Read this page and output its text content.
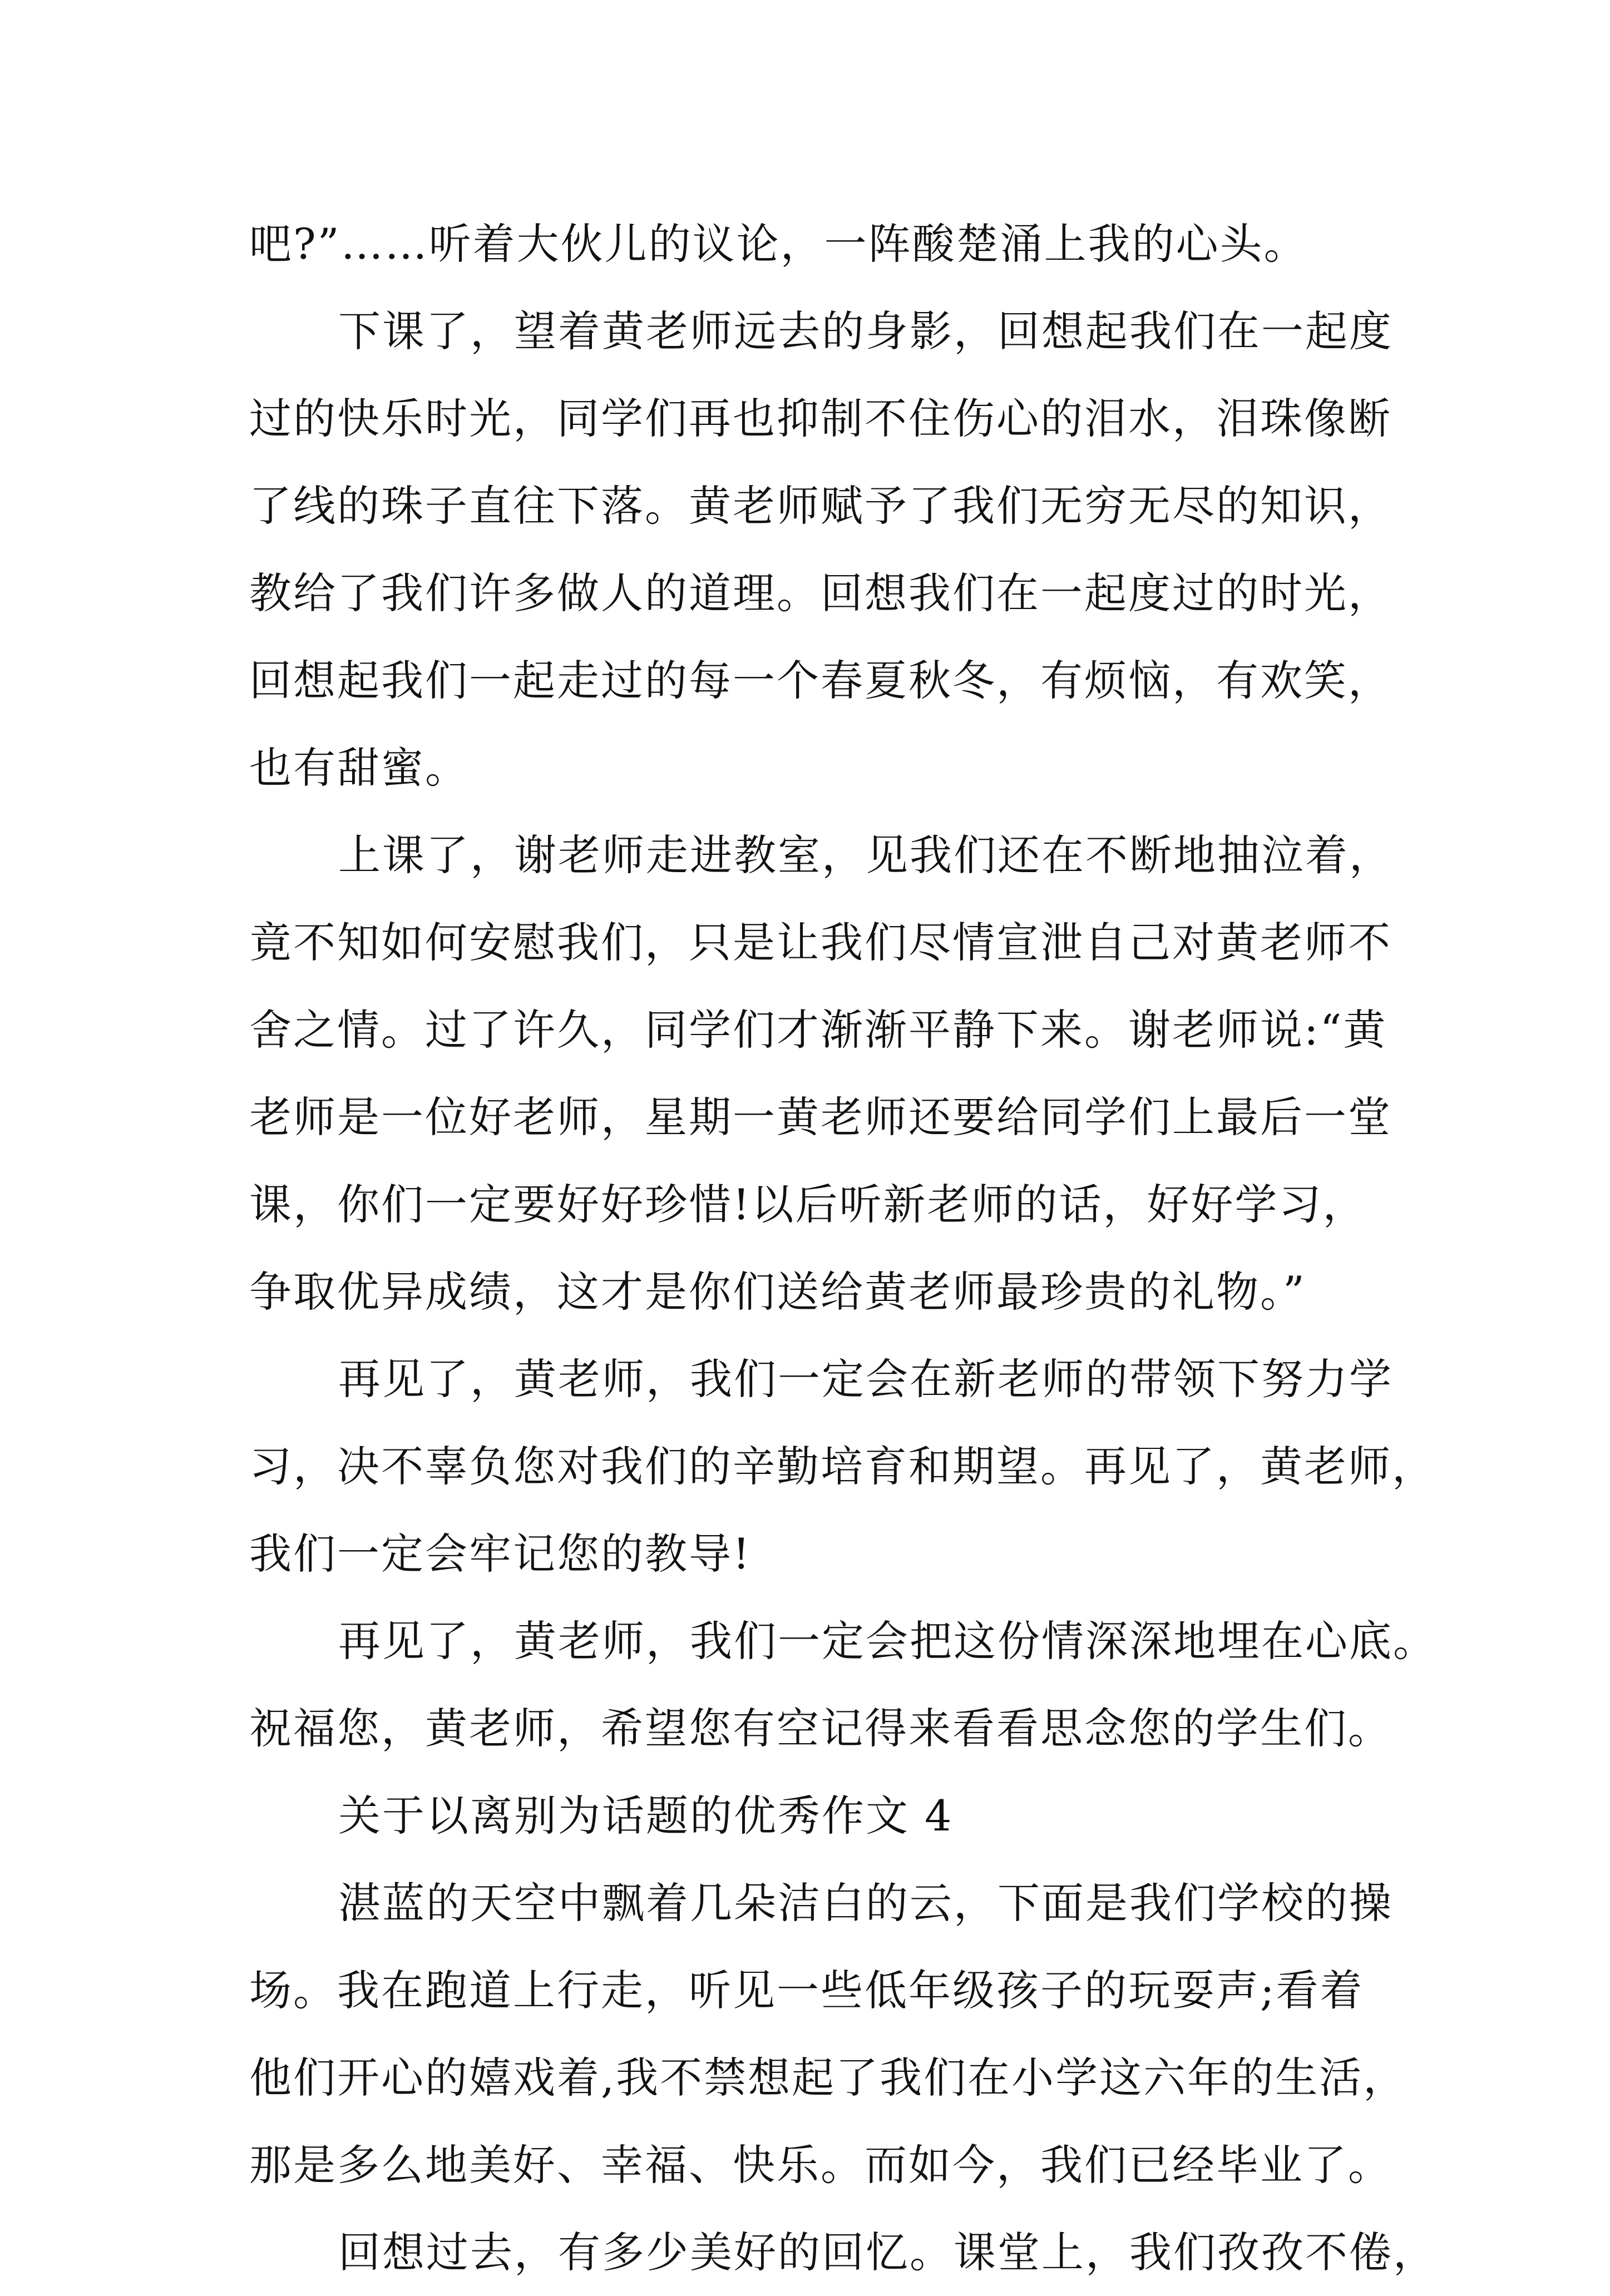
吧?”……听着大伙儿的议论，一阵酸楚涌上我的心头。
下课了，望着黄老师远去的身影，回想起我们在一起度
过的快乐时光，同学们再也抑制不住伤心的泪水，泪珠像断
了线的珠子直往下落。黄老师赋予了我们无穷无尽的知识，
教给了我们许多做人的道理。回想我们在一起度过的时光，
回想起我们一起走过的每一个春夏秋冬，有烦恼，有欢笑，
也有甜蜜。
上课了，谢老师走进教室，见我们还在不断地抽泣着，
竟不知如何安慰我们，只是让我们尽情宣泄自己对黄老师不
舍之情。过了许久，同学们才渐渐平静下来。谢老师说:“黄
老师是一位好老师，星期一黄老师还要给同学们上最后一堂
课，你们一定要好好珍惜!以后听新老师的话，好好学习，
争取优异成绩，这才是你们送给黄老师最珍贵的礼物。”
再见了，黄老师，我们一定会在新老师的带领下努力学
习，决不辜负您对我们的辛勤培育和期望。再见了，黄老师，
我们一定会牢记您的教导!
再见了，黄老师，我们一定会把这份情深深地埋在心底。
祝福您，黄老师，希望您有空记得来看看思念您的学生们。
关于以离别为话题的优秀作文 4
湛蓝的天空中飘着几朵洁白的云，下面是我们学校的操
场。我在跑道上行走，听见一些低年级孩子的玩耍声;看着
他们开心的嬉戏着,我不禁想起了我们在小学这六年的生活，
那是多么地美好、幸福、快乐。而如今，我们已经毕业了。
回想过去，有多少美好的回忆。课堂上，我们孜孜不倦，
